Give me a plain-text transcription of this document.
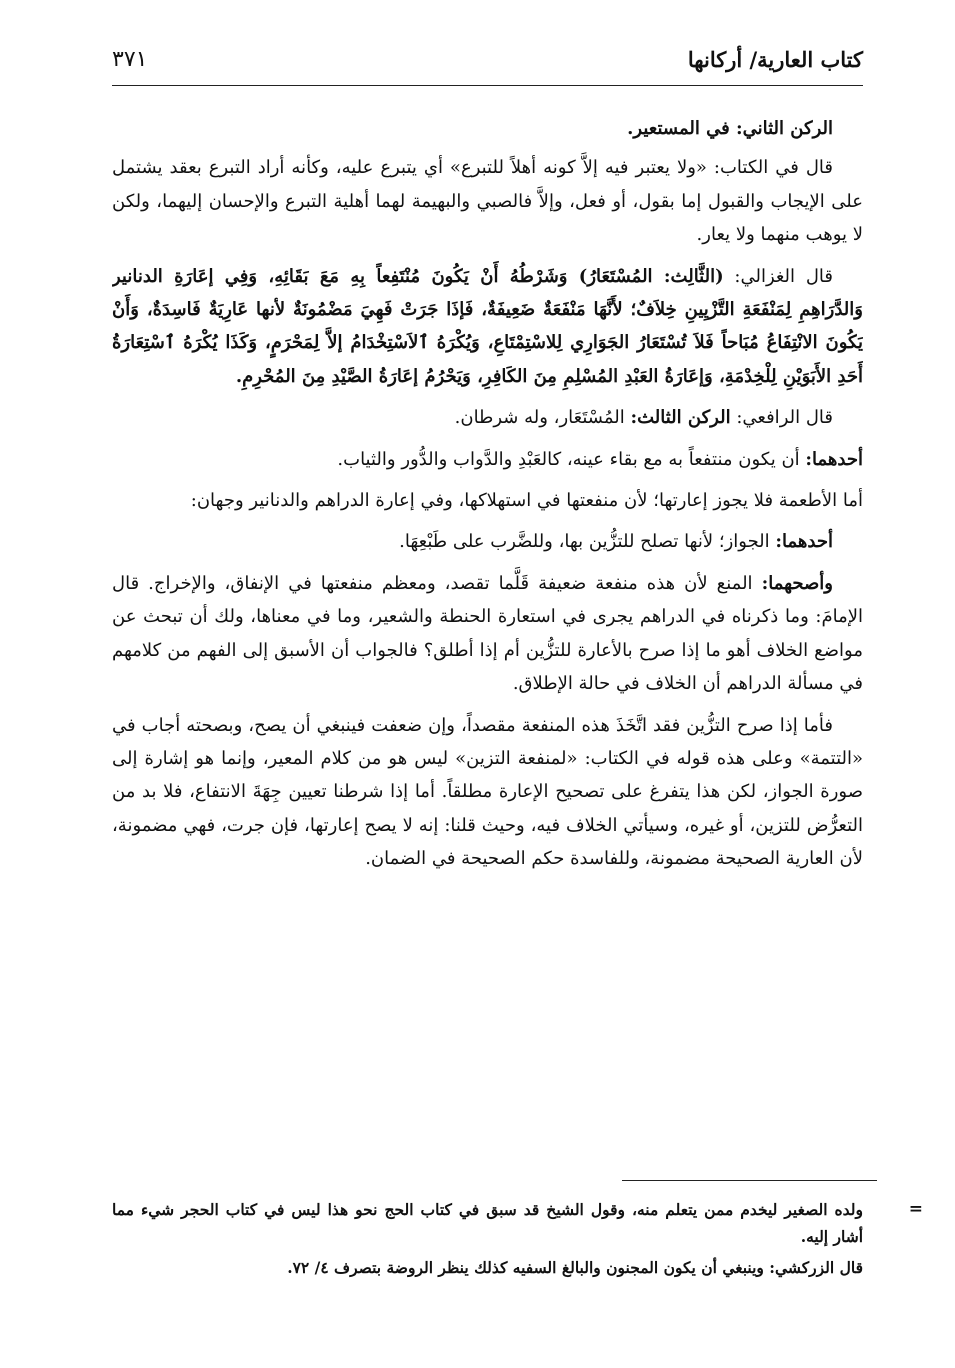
كتاب العارية/ أركانها
٣٧١

الركن الثاني: في المستعير.

قال في الكتاب: «ولا يعتبر فيه إلاَّ كونه أهلاً للتبرع» أي يتبرع عليه، وكأنه أراد التبرع بعقد يشتمل على الإيجاب والقبول إما بقول، أو فعل، وإلاَّ فالصبي والبهيمة لهما أهلية التبرع والإحسان إليهما، ولكن لا يوهب منهما ولا يعار.

قال الغزالي: (الثَّالِث: المُسْتَعَارُ) وَشَرْطُهُ أَنْ يَكُونَ مُنْتَفِعاً بِهِ مَعَ بَقَائِهِ، وَفِي إعَارَةِ الدنانير وَالدَّرَاهِمِ لِمَنْفَعَةِ التَّزْيِينِ خِلاَفٌ؛ لأَنَّهَا مَنْفَعَةٌ ضَعِيفَةٌ، فَإذَا جَرَتْ فَهِيَ مَضْمُونَةٌ لأنها عَارِيَةٌ فَاسِدَةٌ، وَأَنْ يَكُونَ الانْتِفَاعُ مُبَاحاً فَلاَ تُسْتَعَارُ الجَوَارِي لِلاسْتِمْتَاعِ، وَيُكْرَهُ ٱلاَسْتِخْدَامُ إلاَّ لِمَحْرَمٍ، وَكَذَا يُكْرَهُ ٱسْتِعَارَةُ أَحَدِ الأَبَوَيْنِ لِلْخِدْمَةِ، وَإعَارَةُ العَبْدِ المُسْلِمِ مِنَ الكَافِرِ، وَيَحْرُمُ إعَارَةُ الصَّيْدِ مِنَ المُحْرِمِ.

قال الرافعي: الركن الثالث: المُسْتَعَار، وله شرطان.

أحدهما: أن يكون منتفعاً به مع بقاء عينه، كالعَبْدِ والدَّواب والدُّور والثياب.

أما الأطعمة فلا يجوز إعارتها؛ لأن منفعتها في استهلاكها، وفي إعارة الدراهم والدنانير وجهان:

أحدهما: الجواز؛ لأنها تصلح للتزُّين بها، وللضَّرب على طَبْعِهَا.

وأصحهما: المنع لأن هذه منفعة ضعيفة قَلَّما تقصد، ومعظم منفعتها في الإنفاق، والإخراج. قال الإمامَ: وما ذكرناه في الدراهم يجرى في استعارة الحنطة والشعير، وما في معناها، ولك أن تبحث عن مواضع الخلاف أهو ما إذا صرح بالأعارة للتزُّين أم إذا أطلق؟ فالجواب أن الأسبق إلى الفهم من كلامهم في مسألة الدراهم أن الخلاف في حالة الإطلاق.

فأما إذا صرح التزُّين فقد اتَّخَذَ هذه المنفعة مقصداً، وإن ضعفت فينبغي أن يصح، وبصحته أجاب في «التتمة» وعلى هذه قوله في الكتاب: «لمنفعة التزين» ليس هو من كلام المعير، وإنما هو إشارة إلى صورة الجواز، لكن هذا يتفرغ على تصحيح الإعارة مطلقاً. أما إذا شرطنا تعيين جِهَةَ الانتفاع، فلا بد من التعرُّض للتزين، أو غيره، وسيأتي الخلاف فيه، وحيث قلنا: إنه لا يصح إعارتها، فإن جرت، فهي مضمونة، لأن العارية الصحيحة مضمونة، وللفاسدة حكم الصحيحة في الضمان.

=
ولده الصغير ليخدم ممن يتعلم منه، وقول الشيخ قد سبق في كتاب الحج نحو هذا ليس في كتاب الحجر شيء مما أشار إليه.

قال الزركشي: وينبغي أن يكون المجنون والبالغ السفيه كذلك ينظر الروضة بتصرف ٤/ ٧٢.
